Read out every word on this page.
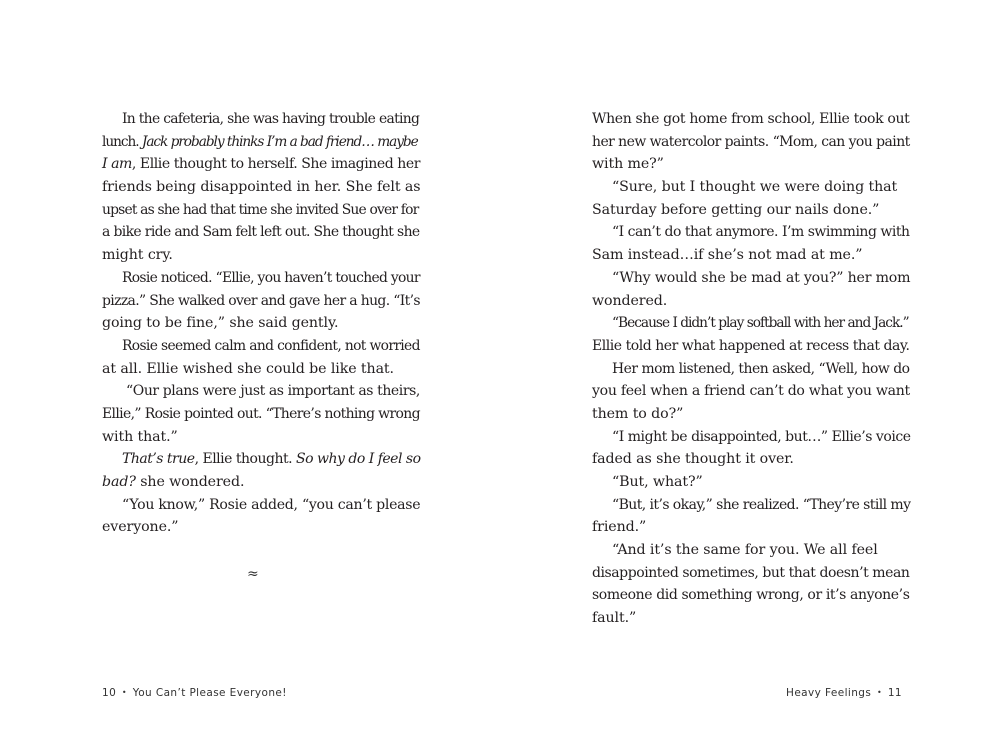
In the cafeteria, she was having trouble eating
lunch. Jack probably thinks I’m a bad friend… maybe
I am, Ellie thought to herself. She imagined her
friends being disappointed in her. She felt as
upset as she had that time she invited Sue over for
a bike ride and Sam felt left out. She thought she
might cry.
Rosie noticed. “Ellie, you haven’t touched your
pizza.” She walked over and gave her a hug. “It’s
going to be fine,” she said gently.
Rosie seemed calm and confident, not worried
at all. Ellie wished she could be like that.
“Our plans were just as important as theirs,
Ellie,” Rosie pointed out. “There’s nothing wrong
with that.”
That’s true, Ellie thought. So why do I feel so
bad? she wondered.
“You know,” Rosie added, “you can’t please
everyone.”
≈
10 • You Can’t Please Everyone!
When she got home from school, Ellie took out
her new watercolor paints. “Mom, can you paint
with me?”
“Sure, but I thought we were doing that
Saturday before getting our nails done.”
“I can’t do that anymore. I’m swimming with
Sam instead…if she’s not mad at me.”
“Why would she be mad at you?” her mom
wondered.
“Because I didn’t play softball with her and Jack.”
Ellie told her what happened at recess that day.
Her mom listened, then asked, “Well, how do
you feel when a friend can’t do what you want
them to do?”
“I might be disappointed, but…” Ellie’s voice
faded as she thought it over.
“But, what?”
“But, it’s okay,” she realized. “They’re still my
friend.”
“And it’s the same for you. We all feel
disappointed sometimes, but that doesn’t mean
someone did something wrong, or it’s anyone’s
fault.”
Heavy Feelings • 11
